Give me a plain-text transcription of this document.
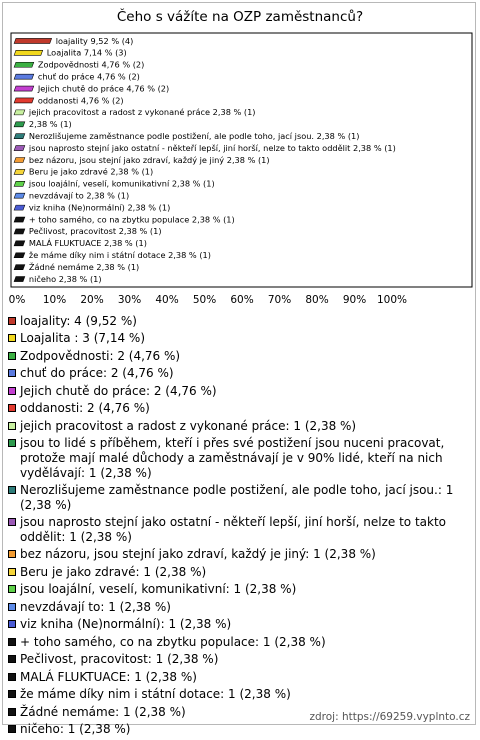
Čeho s vážíte na OZP zaměstnanců?
loajality 9,52 % (4)
Loajalita 7,14 % (3)
Zodpovědnosti 4,76 % (2)
chuť do práce 4,76 % (2)
Jejich chutě do práce 4,76 % (2)
oddanosti 4,76 % (2)
jejich pracovitost a radost z vykonané práce 2,38 % (1)
2,38 % (1)
Nerozlišujeme zaměstnance podle postižení, ale podle toho, jací jsou. 2,38 % (1)
jsou naprosto stejní jako ostatní - někteří lepší, jiní horší, nelze to takto oddělit 2,38 % (1)
bez názoru, jsou stejní jako zdraví, každý je jiný 2,38 % (1)
Beru je jako zdravé 2,38 % (1)
jsou loajální, veselí, komunikativní 2,38 % (1)
nevzdávají to 2,38 % (1)
viz kniha (Ne)normální) 2,38 % (1)
+ toho samého, co na zbytku populace 2,38 % (1)
Pečlivost, pracovitost 2,38 % (1)
MALÁ FLUKTUACE 2,38 % (1)
že máme díky nim i státní dotace 2,38 % (1)
Žádné nemáme 2,38 % (1)
ničeho 2,38 % (1)
0% 10% 20% 30% 40% 50% 60% 70% 80% 90% 100%
loajality: 4 (9,52 %)
Loajalita : 3 (7,14 %)
Zodpovědnosti: 2 (4,76 %)
chuť do práce: 2 (4,76 %)
Jejich chutě do práce: 2 (4,76 %)
oddanosti: 2 (4,76 %)
jejich pracovitost a radost z vykonané práce: 1 (2,38 %)
jsou to lidé s příběhem, kteří i přes své postižení jsou nuceni pracovat, protože mají malé důchody a zaměstnávají je v 90% lidé, kteří na nich vydělávají: 1 (2,38 %)
Nerozlišujeme zaměstnance podle postižení, ale podle toho, jací jsou.: 1 (2,38 %)
jsou naprosto stejní jako ostatní - někteří lepší, jiní horší, nelze to takto oddělit: 1 (2,38 %)
bez názoru, jsou stejní jako zdraví, každý je jiný: 1 (2,38 %)
Beru je jako zdravé: 1 (2,38 %)
jsou loajální, veselí, komunikativní: 1 (2,38 %)
nevzdávají to: 1 (2,38 %)
viz kniha (Ne)normální): 1 (2,38 %)
+ toho samého, co na zbytku populace: 1 (2,38 %)
Pečlivost, pracovitost: 1 (2,38 %)
MALÁ FLUKTUACE: 1 (2,38 %)
že máme díky nim i státní dotace: 1 (2,38 %)
Žádné nemáme: 1 (2,38 %)
ničeho: 1 (2,38 %)
zdroj: https://69259.vyplnto.cz
